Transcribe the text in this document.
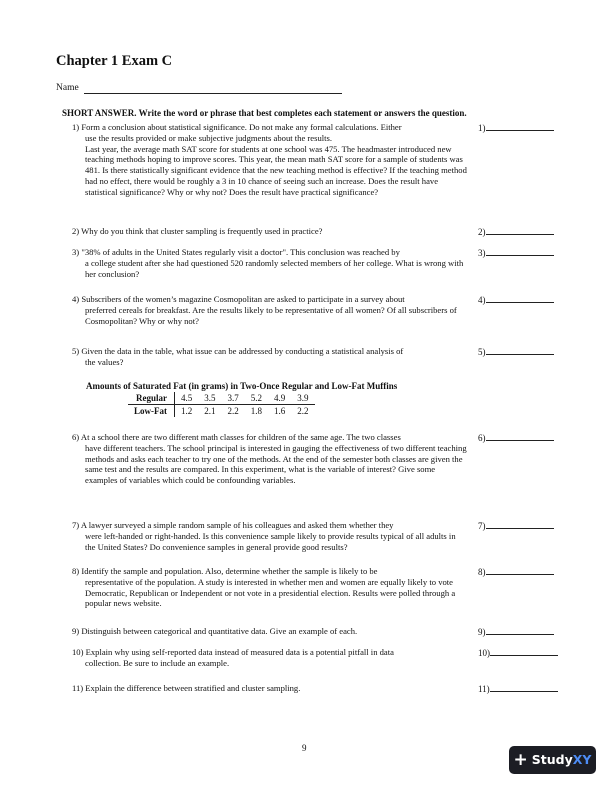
Chapter 1 Exam C
Name
SHORT ANSWER. Write the word or phrase that best completes each statement or answers the question.
1) Form a conclusion about statistical significance. Do not make any formal calculations. Either
use the results provided or make subjective judgments about the results.
Last year, the average math SAT score for students at one school was 475. The headmaster introduced new teaching methods hoping to improve scores. This year, the mean math SAT score for a sample of students was 481. Is there statistically significant evidence that the new teaching method is effective? If the teaching method had no effect, there would be roughly a 3 in 10 chance of seeing such an increase. Does the result have statistical significance? Why or why not? Does the result have practical significance?
1)
2) Why do you think that cluster sampling is frequently used in practice?	2)
3) "38% of adults in the United States regularly visit a doctor". This conclusion was reached by
a college student after she had questioned 520 randomly selected members of her college. What is wrong with her conclusion?
3)
4) Subscribers of the women’s magazine Cosmopolitan are asked to participate in a survey about
preferred cereals for breakfast. Are the results likely to be representative of all women? Of all subscribers of Cosmopolitan? Why or why not?
4)
5) Given the data in the table, what issue can be addressed by conducting a statistical analysis of
the values?
5)
Amounts of Saturated Fat (in grams) in Two-Once Regular and Low-Fat Muffins
Regular	4.5	3.5	3.7	5.2	4.9	3.9
Low-Fat	1.2	2.1	2.2	1.8	1.6	2.2
6) At a school there are two different math classes for children of the same age. The two classes
have different teachers. The school principal is interested in gauging the effectiveness of two different teaching methods and asks each teacher to try one of the methods. At the end of the semester both classes are given the same test and the results are compared. In this experiment, what is the variable of interest? Give some examples of variables which could be confounding variables.
6)
7) A lawyer surveyed a simple random sample of his colleagues and asked them whether they
were left-handed or right-handed. Is this convenience sample likely to provide results typical of all adults in the United States? Do convenience samples in general provide good results?
7)
8) Identify the sample and population. Also, determine whether the sample is likely to be
representative of the population. A study is interested in whether men and women are equally likely to vote Democratic, Republican or Independent or not vote in a presidential election. Results were polled through a popular news website.
8)
9) Distinguish between categorical and quantitative data. Give an example of each.	9)
10) Explain why using self-reported data instead of measured data is a potential pitfall in data
collection. Be sure to include an example.
10)
11) Explain the difference between stratified and cluster sampling.	11)
9
+ StudyXY
